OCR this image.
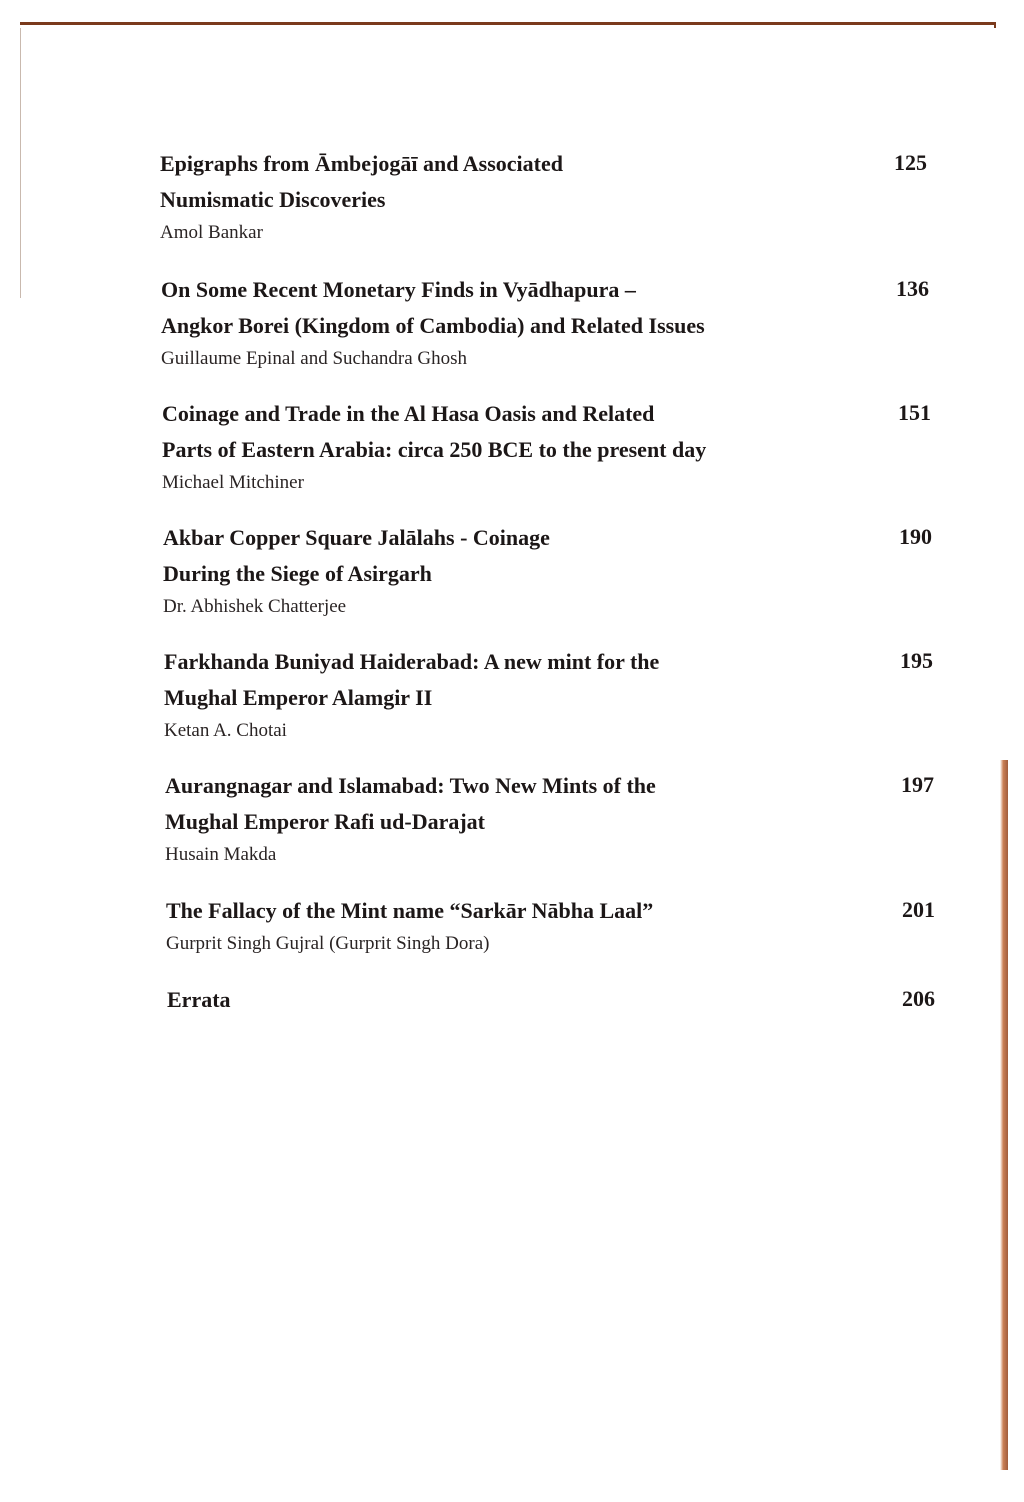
Epigraphs from Āmbejogāī and Associated
Numismatic Discoveries
Amol Bankar
125
On Some Recent Monetary Finds in Vyādhapura –
Angkor Borei (Kingdom of Cambodia) and Related Issues
Guillaume Epinal and Suchandra Ghosh
136
Coinage and Trade in the Al Hasa Oasis and Related
Parts of Eastern Arabia: circa 250 BCE to the present day
Michael Mitchiner
151
Akbar Copper Square Jalālahs - Coinage
During the Siege of Asirgarh
Dr. Abhishek Chatterjee
190
Farkhanda Buniyad Haiderabad: A new mint for the
Mughal Emperor Alamgir II
Ketan A. Chotai
195
Aurangnagar and Islamabad: Two New Mints of the
Mughal Emperor Rafi ud-Darajat
Husain Makda
197
The Fallacy of the Mint name “Sarkār Nābha Laal”
Gurprit Singh Gujral (Gurprit Singh Dora)
201
Errata	206
